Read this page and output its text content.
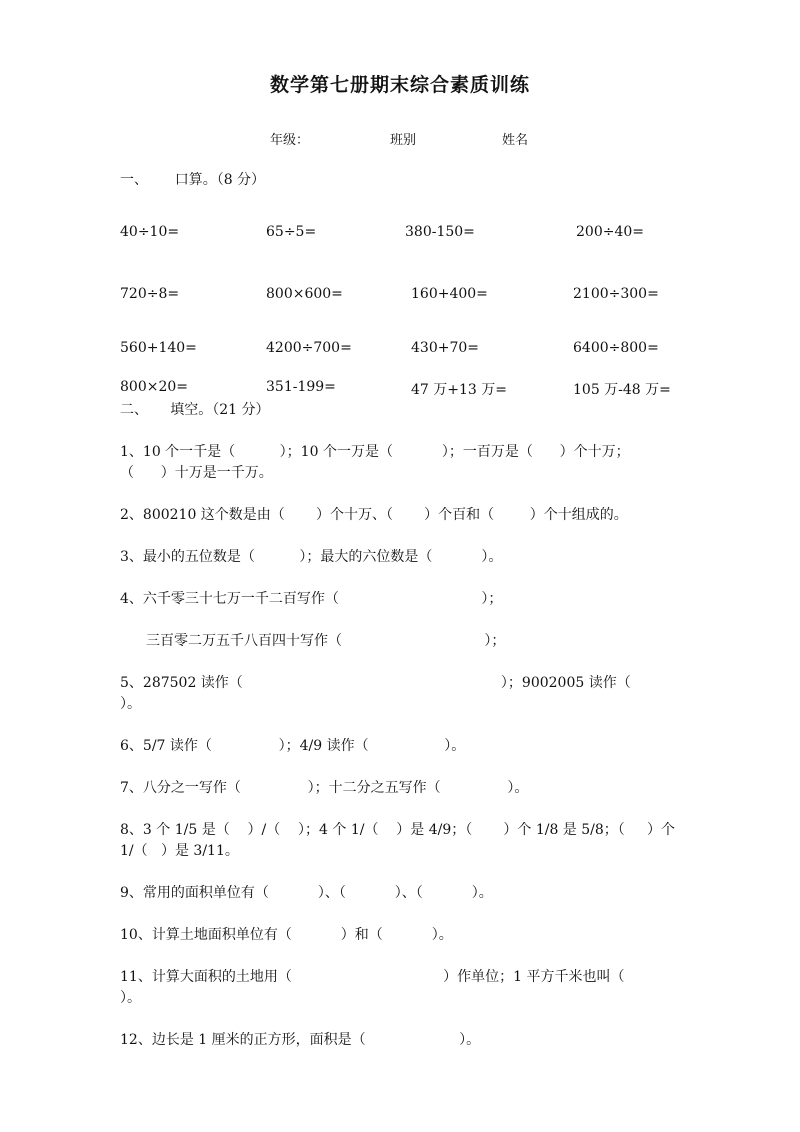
数学第七册期末综合素质训练
年级：	班别	姓名
一、      口算。（8 分）
40÷10=	65÷5=	380-150=	200÷40=
720÷8=	800×600=	160+400=	2100÷300=
560+140=	4200÷700=	430+70=	6400÷800=
800×20=	351-199=	47 万+13 万=	105 万-48 万=
二、     填空。（21 分）
1、10 个一千是（          ）；10 个一万是（           ）；一百万是（      ）个十万；
（      ）十万是一千万。
2、800210 这个数是由（       ）个十万、（       ）个百和（        ）个十组成的。
3、最小的五位数是（          ）；最大的六位数是（           ）。
4、六千零三十七万一千二百写作（                                ）；
三百零二万五千八百四十写作（                                ）；
5、287502 读作（                                                          ）；9002005 读作（
）。
6、5/7 读作（               ）；4/9 读作（                 ）。
7、八分之一写作（               ）；十二分之五写作（               ）。
8、3 个 1/5 是（    ）/（    ）；4 个 1/（    ）是 4/9；（       ）个 1/8 是 5/8；（     ）个
1/（   ）是 3/11。
9、常用的面积单位有（           ）、（           ）、（           ）。
10、计算土地面积单位有（           ）和（           ）。
11、计算大面积的土地用（                                  ）作单位；1 平方千米也叫（
）。
12、边长是 1 厘米的正方形，面积是（                     ）。
